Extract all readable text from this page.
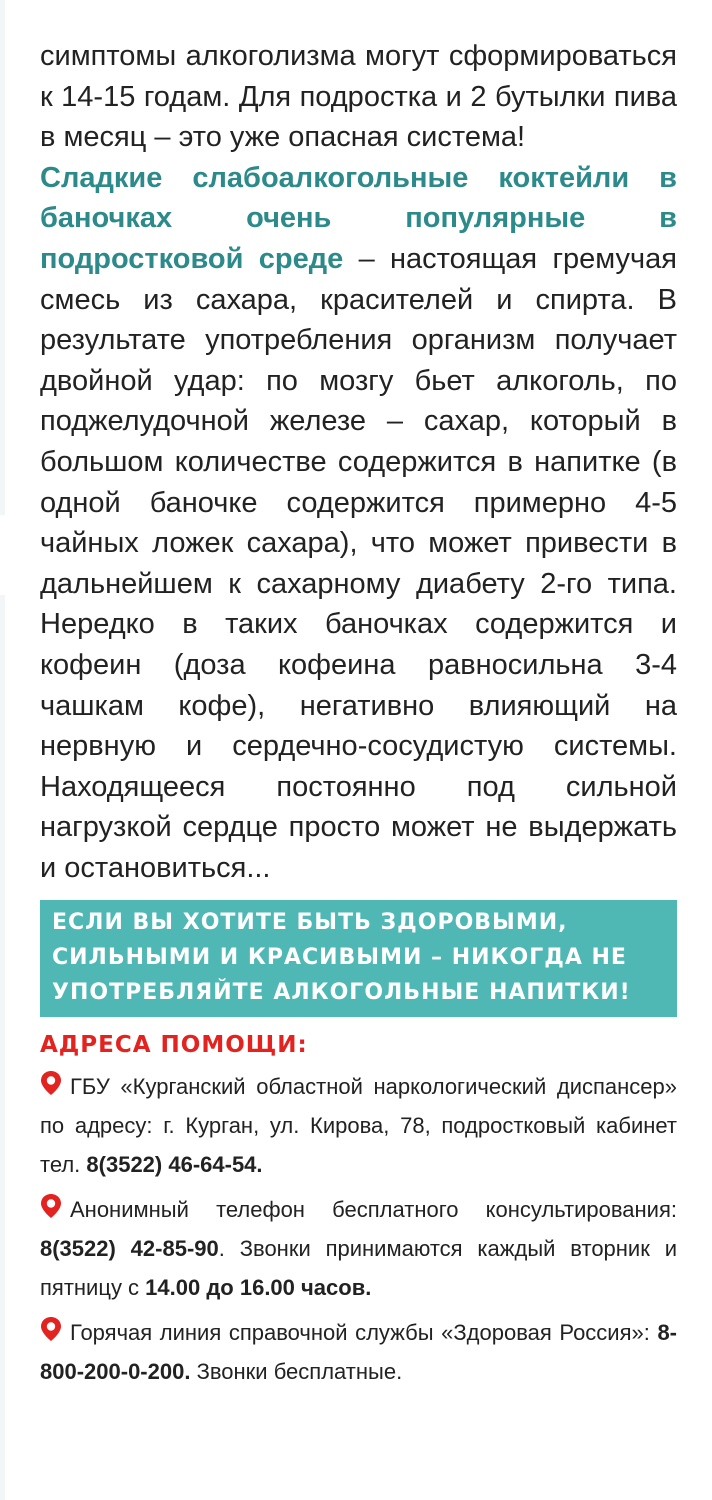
симптомы алкоголизма могут сформироваться к 14-15 годам. Для подростка и 2 бутылки пива в месяц – это уже опасная система!
Сладкие слабоалкогольные коктейли в баночках очень популярные в подростковой среде – настоящая гремучая смесь из сахара, красителей и спирта. В результате употребления организм получает двойной удар: по мозгу бьет алкоголь, по поджелудочной железе – сахар, который в большом количестве содержится в напитке (в одной баночке содержится примерно 4-5 чайных ложек сахара), что может привести в дальнейшем к сахарному диабету 2-го типа. Нередко в таких баночках содержится и кофеин (доза кофеина равносильна 3-4 чашкам кофе), негативно влияющий на нервную и сердечно-сосудистую системы. Находящееся постоянно под сильной нагрузкой сердце просто может не выдержать и остановиться...

ЕСЛИ ВЫ ХОТИТЕ БЫТЬ ЗДОРОВЫМИ, СИЛЬНЫМИ И КРАСИВЫМИ – НИКОГДА НЕ УПОТРЕБЛЯЙТЕ АЛКОГОЛЬНЫЕ НАПИТКИ!
АДРЕСА ПОМОЩИ:
ГБУ «Курганский областной наркологический диспансер» по адресу: г. Курган, ул. Кирова, 78, подростковый кабинет тел. 8(3522) 46-64-54.
Анонимный телефон бесплатного консультирования: 8(3522) 42-85-90. Звонки принимаются каждый вторник и пятницу с 14.00 до 16.00 часов.
Горячая линия справочной службы «Здоровая Россия»: 8-800-200-0-200. Звонки бесплатные.
